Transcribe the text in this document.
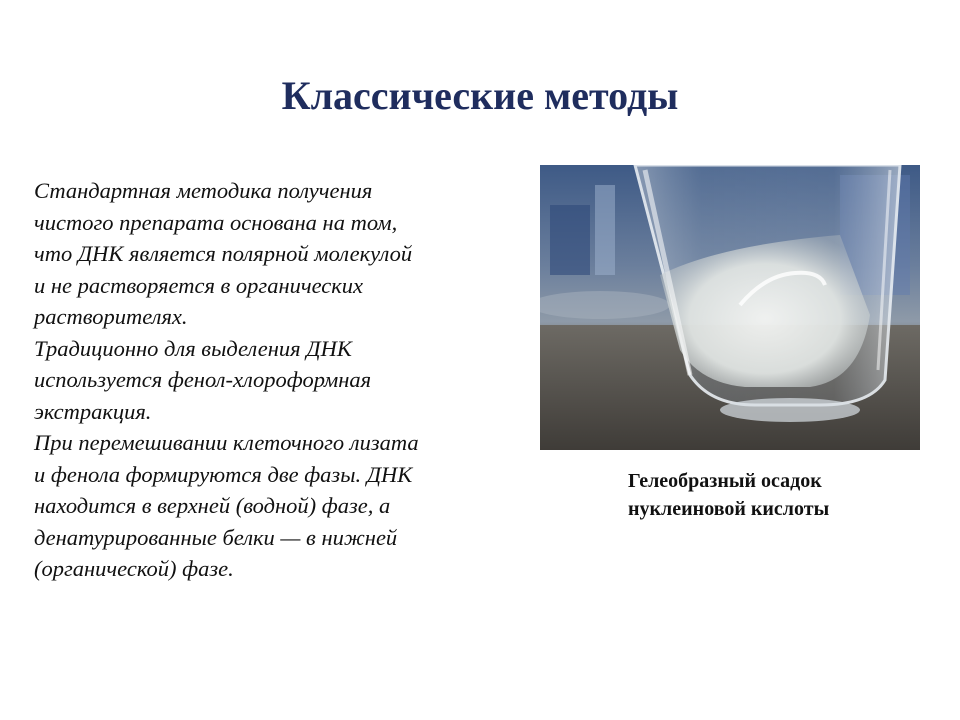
Классические методы
Стандартная методика получения
чистого препарата основана на том,
что ДНК является полярной молекулой
и не растворяется в органических
растворителях.
Традиционно для выделения ДНК
используется фенол-хлороформная
экстракция.
При перемешивании клеточного лизата
и фенола формируются две фазы. ДНК
находится в верхней (водной) фазе, а
денатурированные белки — в нижней
(органической) фазе.
Гелеобразный осадок
нуклеиновой кислоты
